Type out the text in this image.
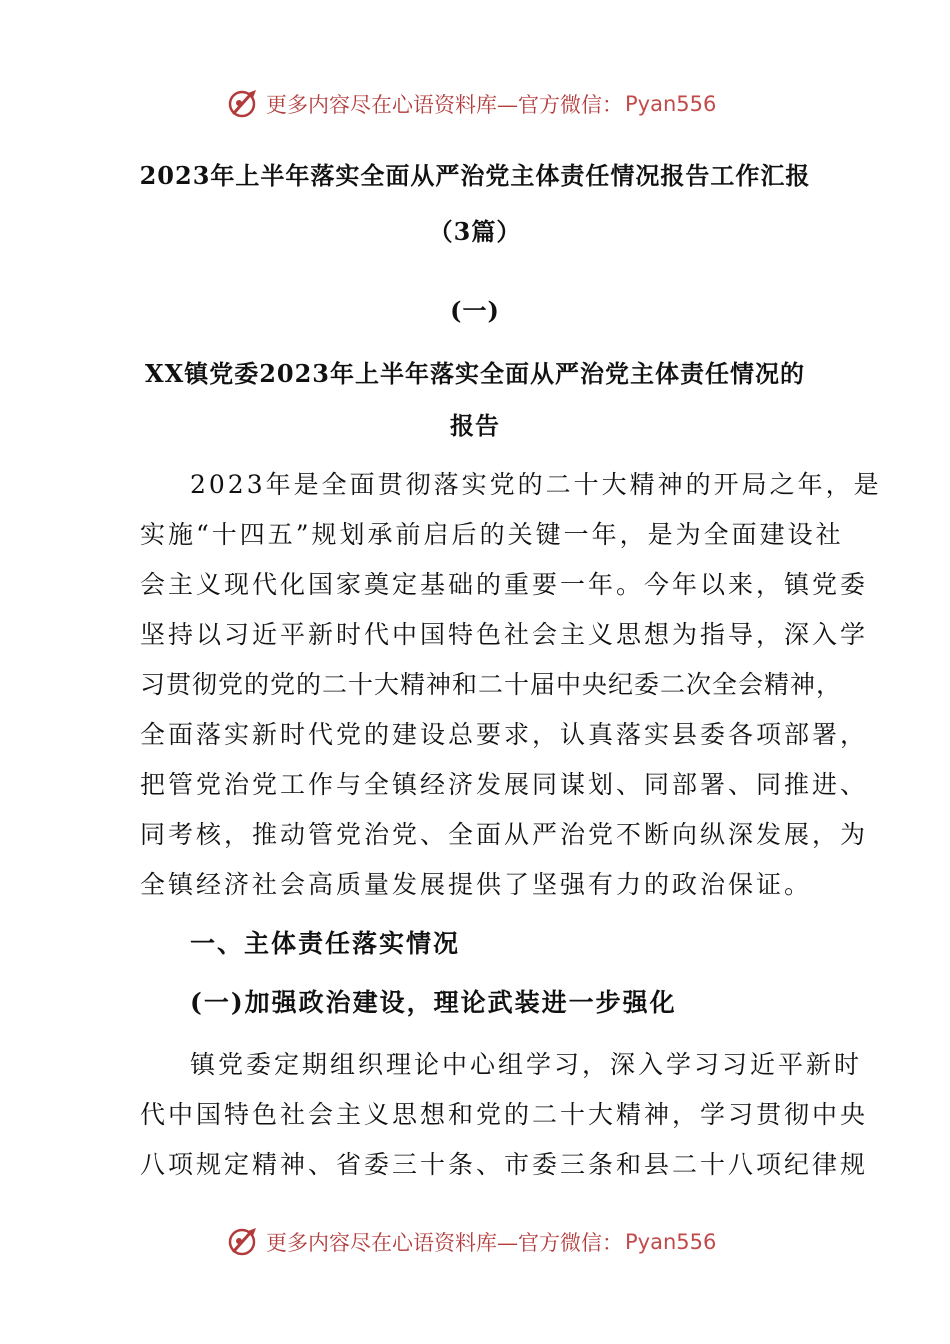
更多内容尽在心语资料库—官方微信： Pyan556
2023年上半年落实全面从严治党主体责任情况报告工作汇报
（3篇）
(一)
XX镇党委2023年上半年落实全面从严治党主体责任情况的
报告
2023年是全面贯彻落实党的二十大精神的开局之年，是
实施“十四五”规划承前启后的关键一年，是为全面建设社
会主义现代化国家奠定基础的重要一年。今年以来，镇党委
坚持以习近平新时代中国特色社会主义思想为指导，深入学
习贯彻党的党的二十大精神和二十届中央纪委二次全会精神，
全面落实新时代党的建设总要求，认真落实县委各项部署，
把管党治党工作与全镇经济发展同谋划、同部署、同推进、
同考核，推动管党治党、全面从严治党不断向纵深发展，为
全镇经济社会高质量发展提供了坚强有力的政治保证。
一、主体责任落实情况
(一)加强政治建设，理论武装进一步强化
镇党委定期组织理论中心组学习，深入学习习近平新时
代中国特色社会主义思想和党的二十大精神，学习贯彻中央
八项规定精神、省委三十条、市委三条和县二十八项纪律规
更多内容尽在心语资料库—官方微信： Pyan556
